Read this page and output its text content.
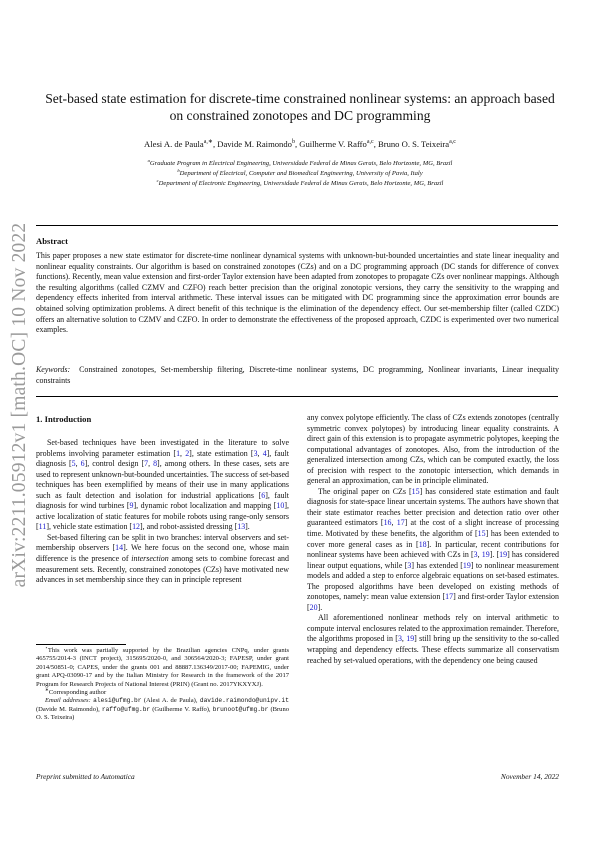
arXiv:2211.05912v1 [math.OC] 10 Nov 2022
Set-based state estimation for discrete-time constrained nonlinear systems: an approach based on constrained zonotopes and DC programming
Alesi A. de Paula$^{a,∗}$, Davide M. Raimondo$^b$, Guilherme V. Raffo$^{a,c}$, Bruno O. S. Teixeira$^{a,c}$
$^a$Graduate Program in Electrical Engineering, Universidade Federal de Minas Gerais, Belo Horizonte, MG, Brazil
$^b$Department of Electrical, Computer and Biomedical Engineering, University of Pavia, Italy
$^c$Department of Electronic Engineering, Universidade Federal de Minas Gerais, Belo Horizonte, MG, Brazil
Abstract
This paper proposes a new state estimator for discrete-time nonlinear dynamical systems with unknown-but-bounded uncertainties and state linear inequality and nonlinear equality constraints. Our algorithm is based on constrained zonotopes (CZs) and on a DC programming approach (DC stands for difference of convex functions). Recently, mean value extension and first-order Taylor extension have been adapted from zonotopes to propagate CZs over nonlinear mappings. Although the resulting algorithms (called CZMV and CZFO) reach better precision than the original zonotopic versions, they carry the sensitivity to the wrapping and dependency effects inherited from interval arithmetic. These interval issues can be mitigated with DC programming since the approximation error bounds are obtained solving optimization problems. A direct benefit of this technique is the elimination of the dependency effect. Our set-membership filter (called CZDC) offers an alternative solution to CZMV and CZFO. In order to demonstrate the effectiveness of the proposed approach, CZDC is experimented over two numerical examples.
Keywords: Constrained zonotopes, Set-membership filtering, Discrete-time nonlinear systems, DC programming, Nonlinear invariants, Linear inequality constraints
1. Introduction

Set-based techniques have been investigated in the literature to solve problems involving parameter estimation [1, 2], state estimation [3, 4], fault diagnosis [5, 6], control design [7, 8], among others. In these cases, sets are used to represent unknown-but-bounded uncertainties. The success of set-based techniques has been exemplified by means of their use in many applications such as fault detection and isolation for industrial applications [6], fault diagnosis for wind turbines [9], dynamic robot localization and mapping [10], active localization of static features for mobile robots using range-only sensors [11], vehicle state estimation [12], and robot-assisted dressing [13].

Set-based filtering can be split in two branches: interval observers and set-membership observers [14]. We here focus on the second one, whose main difference is the presence of intersection among sets to combine forecast and measurement sets. Recently, constrained zonotopes (CZs) have motivated new advances in set membership since they can in principle represent

any convex polytope efficiently. The class of CZs extends zonotopes (centrally symmetric convex polytopes) by introducing linear equality constraints. A direct gain of this extension is to propagate asymmetric polytopes, keeping the computational advantages of zonotopes. Also, from the introduction of the generalized intersection among CZs, which can be computed exactly, the loss of precision with respect to the zonotopic intersection, which demands in general an approximation, can be in principle eliminated.

The original paper on CZs [15] has considered state estimation and fault diagnosis for state-space linear uncertain systems. The authors have shown that their state estimator reaches better precision and detection ratio over other guaranteed estimators [16, 17] at the cost of a slight increase of processing time. Motivated by these benefits, the algorithm of [15] has been extended to cover more general cases as in [18]. In particular, recent contributions for nonlinear systems have been achieved with CZs in [3, 19]. [19] has considered linear output equations, while [3] has extended [19] to nonlinear measurement models and added a step to enforce algebraic equations on set-based estimates. The proposed algorithms have been developed on existing methods of zonotopes, namely: mean value extension [17] and first-order Taylor extension [20].

All aforementioned nonlinear methods rely on interval arithmetic to compute interval enclosures related to the approximation remainder. Therefore, the algorithms proposed in [3, 19] still bring up the sensitivity to the so-called wrapping and dependency effects. These effects summarize all conservatism reached by set-valued operations, with the dependency one being caused

⋆This work was partially supported by the Brazilian agencies CNPq, under grants 465755/2014-3 (INCT project), 315695/2020-0, and 306564/2020-3; FAPESP, under grant 2014/50851-0; CAPES, under the grants 001 and 88887.136349/2017-00; FAPEMIG, under grant APQ-03090-17 and by the Italian Ministry for Research in the framework of the 2017 Program for Research Projects of National Interest (PRIN) (Grant no. 2017YKXYXJ).

∗Corresponding author

Email addresses: alesi@ufmg.br (Alesi A. de Paula), davide.raimondo@unipv.it (Davide M. Raimondo), raffo@ufmg.br (Guilherme V. Raffo), brunoot@ufmg.br (Bruno O. S. Teixeira)

Preprint submitted to Automatica	November 14, 2022
